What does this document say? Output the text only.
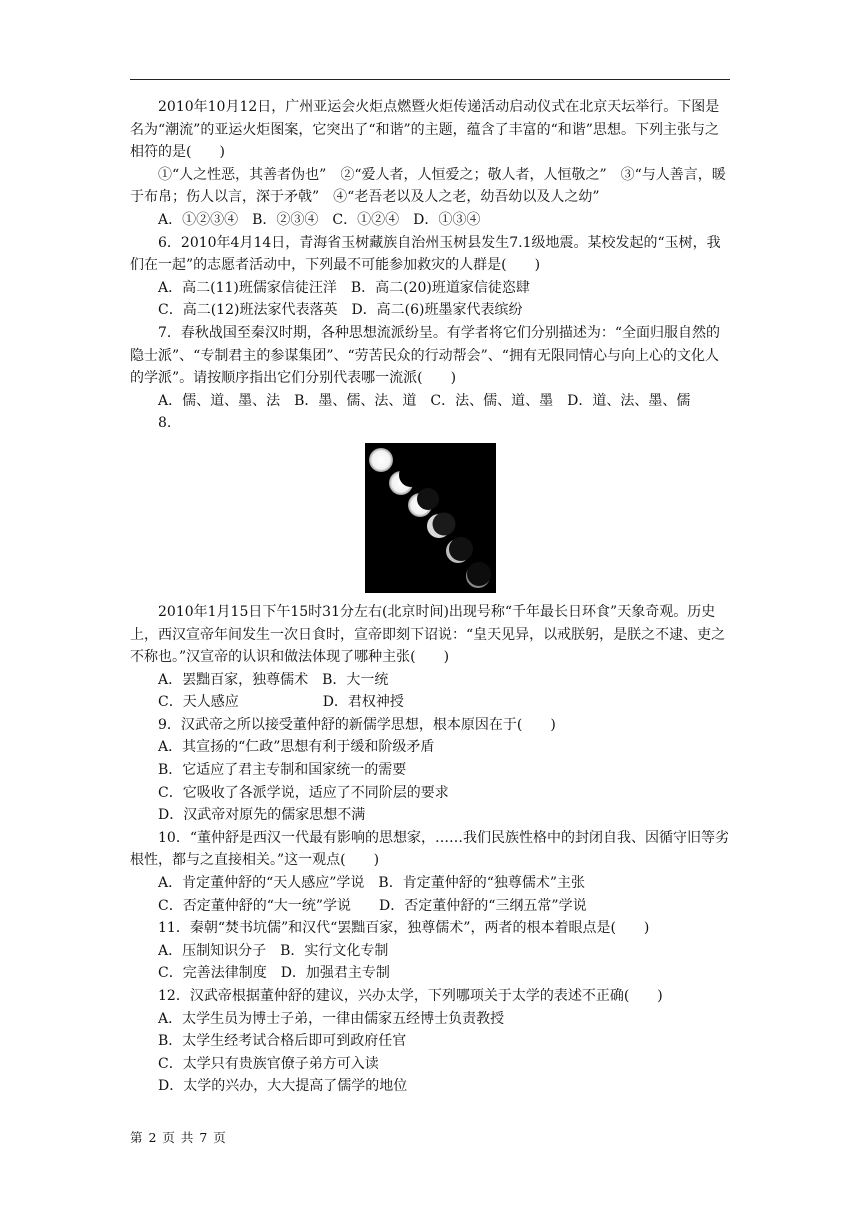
2010年10月12日，广州亚运会火炬点燃暨火炬传递活动启动仪式在北京天坛举行。下图是名为“潮流”的亚运火炬图案，它突出了“和谐”的主题，蕴含了丰富的“和谐”思想。下列主张与之相符的是(　　)

①“人之性恶，其善者伪也”　②“爱人者，人恒爱之；敬人者，人恒敬之”　③“与人善言，暖于布帛；伤人以言，深于矛戟”　④“老吾老以及人之老，幼吾幼以及人之幼”

A．①②③④　B．②③④　C．①②④　D．①③④

6．2010年4月14日，青海省玉树藏族自治州玉树县发生7.1级地震。某校发起的“玉树，我们在一起”的志愿者活动中，下列最不可能参加救灾的人群是(　　)

A．高二(11)班儒家信徒汪洋　B．高二(20)班道家信徒恣肆

C．高二(12)班法家代表落英　D．高二(6)班墨家代表缤纷

7．春秋战国至秦汉时期，各种思想流派纷呈。有学者将它们分别描述为：“全面归服自然的隐士派”、“专制君主的参谋集团”、“劳苦民众的行动帮会”、“拥有无限同情心与向上心的文化人的学派”。请按顺序指出它们分别代表哪一流派(　　)

A．儒、道、墨、法　B．墨、儒、法、道　C．法、儒、道、墨　D．道、法、墨、儒

8.

2010年1月15日下午15时31分左右(北京时间)出现号称“千年最长日环食”天象奇观。历史上，西汉宣帝年间发生一次日食时，宣帝即刻下诏说：“皇天见异，以戒朕躬，是朕之不逮、吏之不称也。”汉宣帝的认识和做法体现了哪种主张(　　)

A．罢黜百家，独尊儒术　B．大一统

C．天人感应　　　　　　D．君权神授

9．汉武帝之所以接受董仲舒的新儒学思想，根本原因在于(　　)

A．其宣扬的“仁政”思想有利于缓和阶级矛盾

B．它适应了君主专制和国家统一的需要

C．它吸收了各派学说，适应了不同阶层的要求

D．汉武帝对原先的儒家思想不满

10．“董仲舒是西汉一代最有影响的思想家，……我们民族性格中的封闭自我、因循守旧等劣根性，都与之直接相关。”这一观点(　　)

A．肯定董仲舒的“天人感应”学说　B．肯定董仲舒的“独尊儒术”主张

C．否定董仲舒的“大一统”学说　　D．否定董仲舒的“三纲五常”学说

11．秦朝“焚书坑儒”和汉代“罢黜百家，独尊儒术”，两者的根本着眼点是(　　)

A．压制知识分子　B．实行文化专制

C．完善法律制度　D．加强君主专制

12．汉武帝根据董仲舒的建议，兴办太学，下列哪项关于太学的表述不正确(　　)

A．太学生员为博士子弟，一律由儒家五经博士负责教授

B．太学生经考试合格后即可到政府任官

C．太学只有贵族官僚子弟方可入读

D．太学的兴办，大大提高了儒学的地位

第 2 页 共 7 页
